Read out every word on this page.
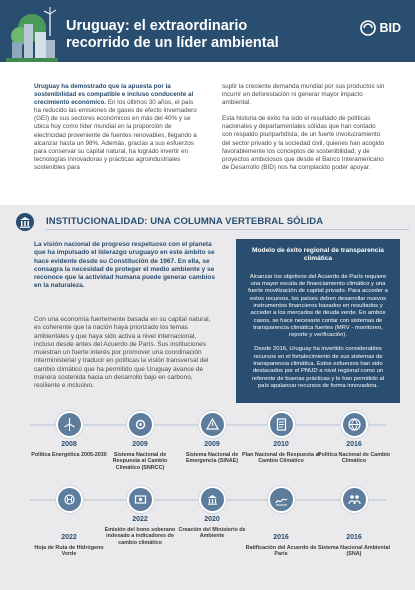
Uruguay: el extraordinario
recorrido de un líder ambiental
BID

Uruguay ha demostrado que la apuesta por la sostenibilidad es compatible e incluso conducente al crecimiento económico. En los últimos 30 años, el país ha reducido las emisiones de gases de efecto invernadero (GEI) de sus sectores económicos en más del 40% y se ubica hoy como líder mundial en la proporción de electricidad proveniente de fuentes renovables, llegando a alcanzar hasta un 98%. Además, gracias a sus esfuerzos para conservar su capital natural, ha logrado invertir en tecnologías innovadoras y prácticas agroindustriales sostenibles para

suplir la creciente demanda mundial por sus productos sin incurrir en deforestación ni generar mayor impacto ambiental.

Esta historia de éxito ha sido el resultado de políticas nacionales y departamentales sólidas que han contado con respaldo pluripartidista; de un fuerte involucramiento del sector privado y la sociedad civil, quienes han acogido favorablemente los conceptos de sostenibilidad; y de proyectos ambiciosos que desde el Banco Interamericano de Desarrollo (BID) nos ha complacido poder apoyar.

INSTITUCIONALIDAD: UNA COLUMNA VERTEBRAL SÓLIDA
La visión nacional de progreso respetuoso con el planeta que ha impulsado el liderazgo uruguayo en este ámbito se hace evidente desde su Constitución de 1967. En ella, se consagra la necesidad de proteger el medio ambiente y se reconoce que la actividad humana puede generar cambios en la naturaleza.
Con una economía fuertemente basada en su capital natural, es coherente que la nación haya priorizado los temas ambientales y que haya sido activa a nivel internacional, incluso desde antes del Acuerdo de París. Sus instituciones muestran un fuerte interés por promover una coordinación interministerial y traducir en políticas la visión transversal del cambio climático que ha permitido que Uruguay avance de manera sostenida hacia un desarrollo bajo en carbono, resiliente e inclusivo.
Modelo de éxito regional de transparencia climática

Alcanzar los objetivos del Acuerdo de París requiere una mayor escala de financiamiento climático y una fuerte movilización de capital privado. Para acceder a estos recursos, los países deben desarrollar nuevos instrumentos financieros basados en resultados y acceder a los mercados de deuda verde. En ambos casos, se hace necesario contar con sistemas de transparencia climática fuertes (MRV - monitoreo, reporte y verificación).

Desde 2016, Uruguay ha invertido considerables recursos en el fortalecimiento de sus sistemas de transparencia climática. Estos esfuerzos han sido destacados por el PNUD a nivel regional como un referente de buenas prácticas y le han permitido al país apalancar recursos de forma innovadora.

2008	2009	2009	2010	2016
Política Energética 2005-2030	Sistema Nacional de Respuesta al Cambio Climático (SNRCC)
Sistema Nacional de Emergencia (SINAE)
Plan Nacional de Respuesta al Cambio Climático
Política Nacional de Cambio Climático
2022
2022	2020
2016	2016
Hoja de Ruta de Hidrógeno Verde
Emisión del bono soberano indexado a indicadores de cambio climático
Creación del Ministerio de Ambiente
Ratificación del Acuerdo de París
Sistema Nacional Ambiental (SNA)
